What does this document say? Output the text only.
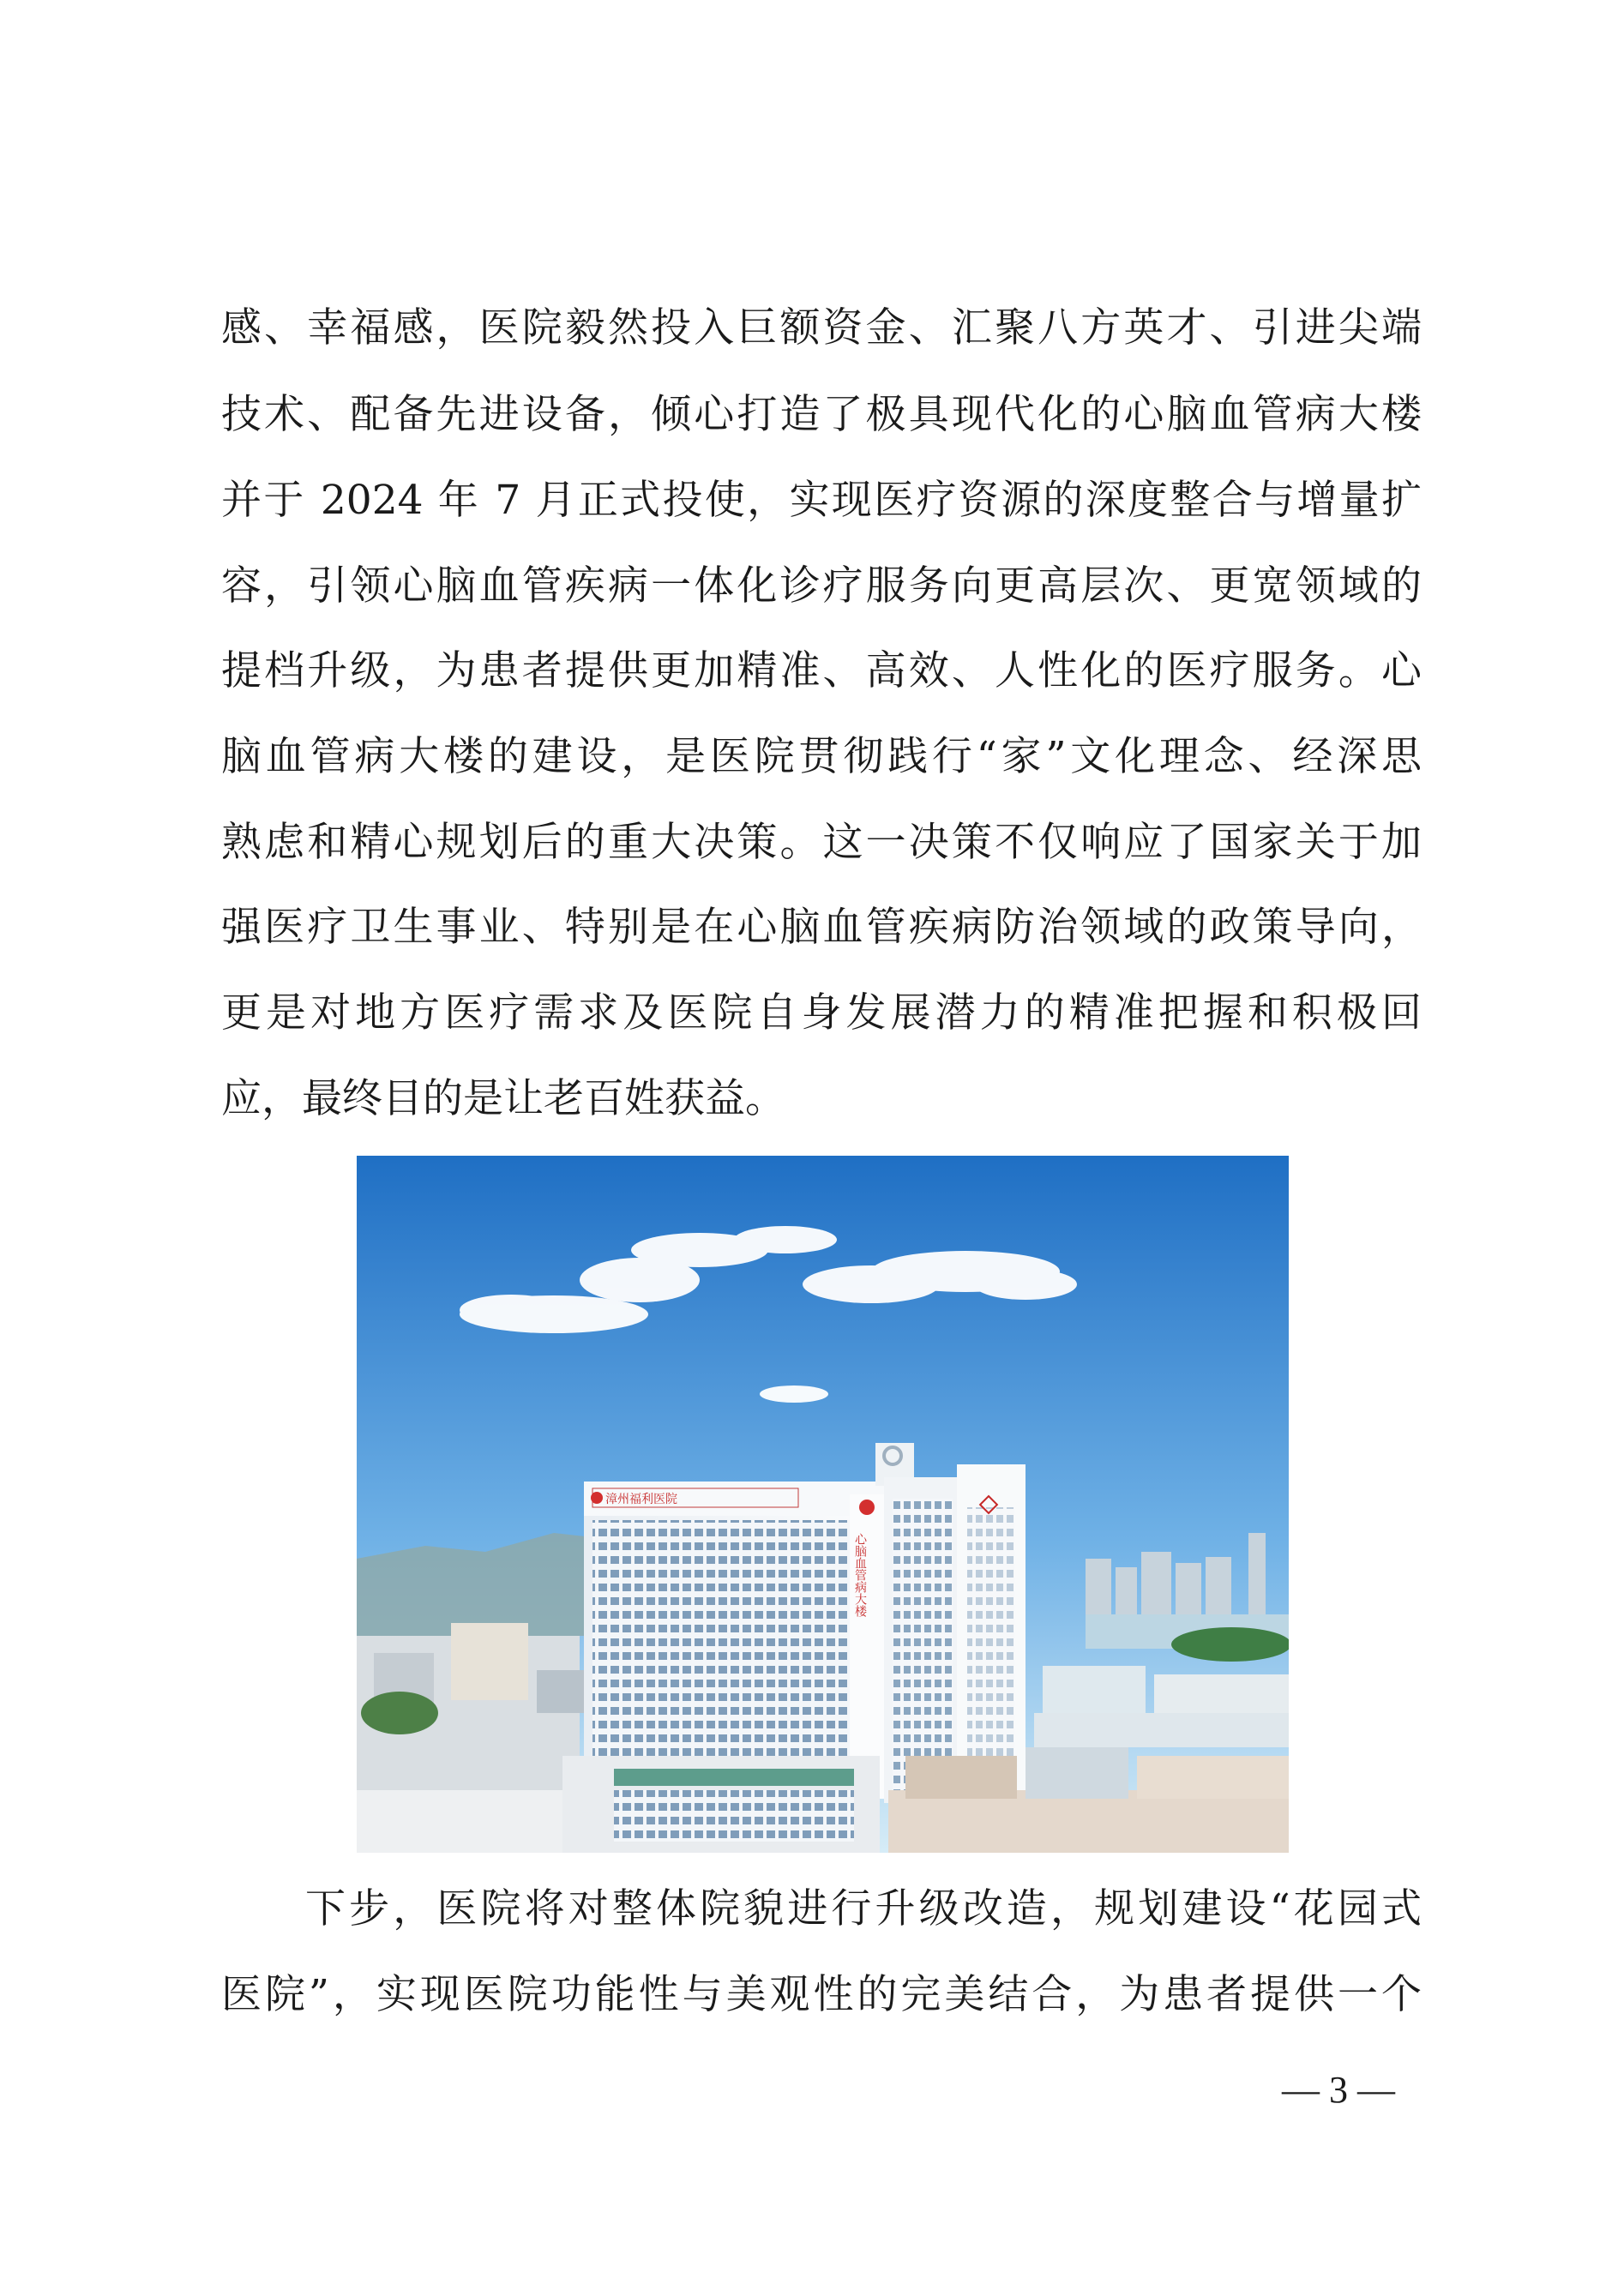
感、幸福感，医院毅然投入巨额资金、汇聚八方英才、引进尖端
技术、配备先进设备，倾心打造了极具现代化的心脑血管病大楼
并于 2024 年 7 月正式投使，实现医疗资源的深度整合与增量扩
容，引领心脑血管疾病一体化诊疗服务向更高层次、更宽领域的
提档升级，为患者提供更加精准、高效、人性化的医疗服务。心
脑血管病大楼的建设，是医院贯彻践行“家”文化理念、经深思
熟虑和精心规划后的重大决策。这一决策不仅响应了国家关于加
强医疗卫生事业、特别是在心脑血管疾病防治领域的政策导向，
更是对地方医疗需求及医院自身发展潜力的精准把握和积极回
应，最终目的是让老百姓获益。
漳州福利医院
心脑血管病大楼
下步，医院将对整体院貌进行升级改造，规划建设“花园式
医院”，实现医院功能性与美观性的完美结合，为患者提供一个
— 3 —
